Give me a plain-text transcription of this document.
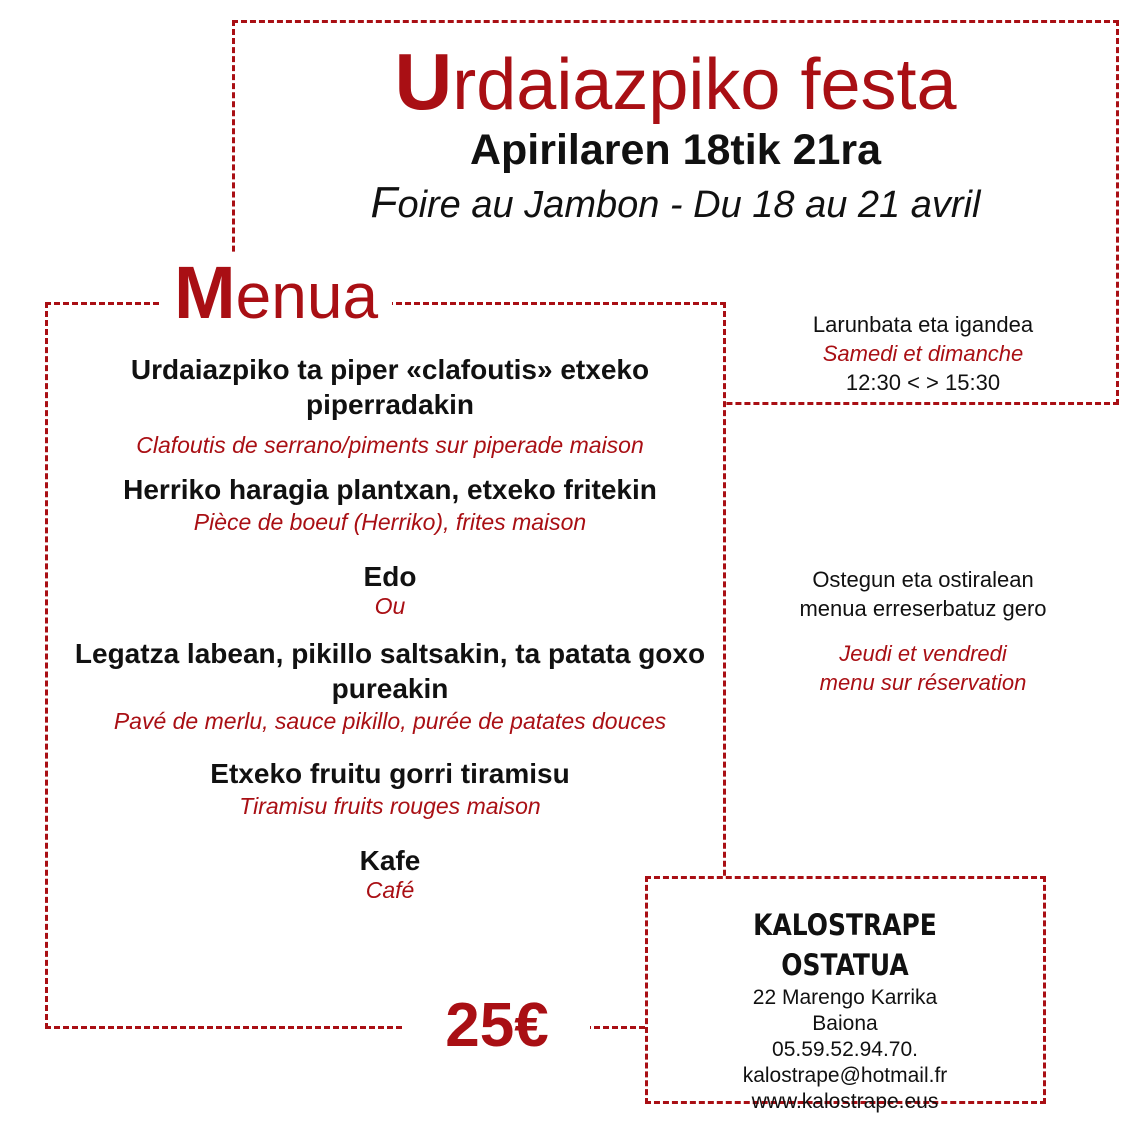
Urdaiazpiko festa
Apirilaren 18tik 21ra
Foire au Jambon - Du 18 au 21 avril
Menua
Urdaiazpiko ta piper «clafoutis» etxeko piperradakin
Clafoutis de serrano/piments sur piperade maison
Herriko haragia plantxan, etxeko fritekin
Pièce de boeuf (Herriko), frites maison
Edo
Ou
Legatza labean, pikillo saltsakin, ta patata goxo pureakin
Pavé de merlu, sauce pikillo, purée de patates douces
Etxeko fruitu gorri tiramisu
Tiramisu fruits rouges maison
Kafe
Café
25€
Larunbata eta igandea
Samedi et dimanche
12:30 < > 15:30
Ostegun eta ostiralean
menua erreserbatuz gero
Jeudi et vendredi
menu sur réservation
KALOSTRAPE OSTATUA
22 Marengo Karrika
Baiona
05.59.52.94.70.
kalostrape@hotmail.fr
www.kalostrape.eus
